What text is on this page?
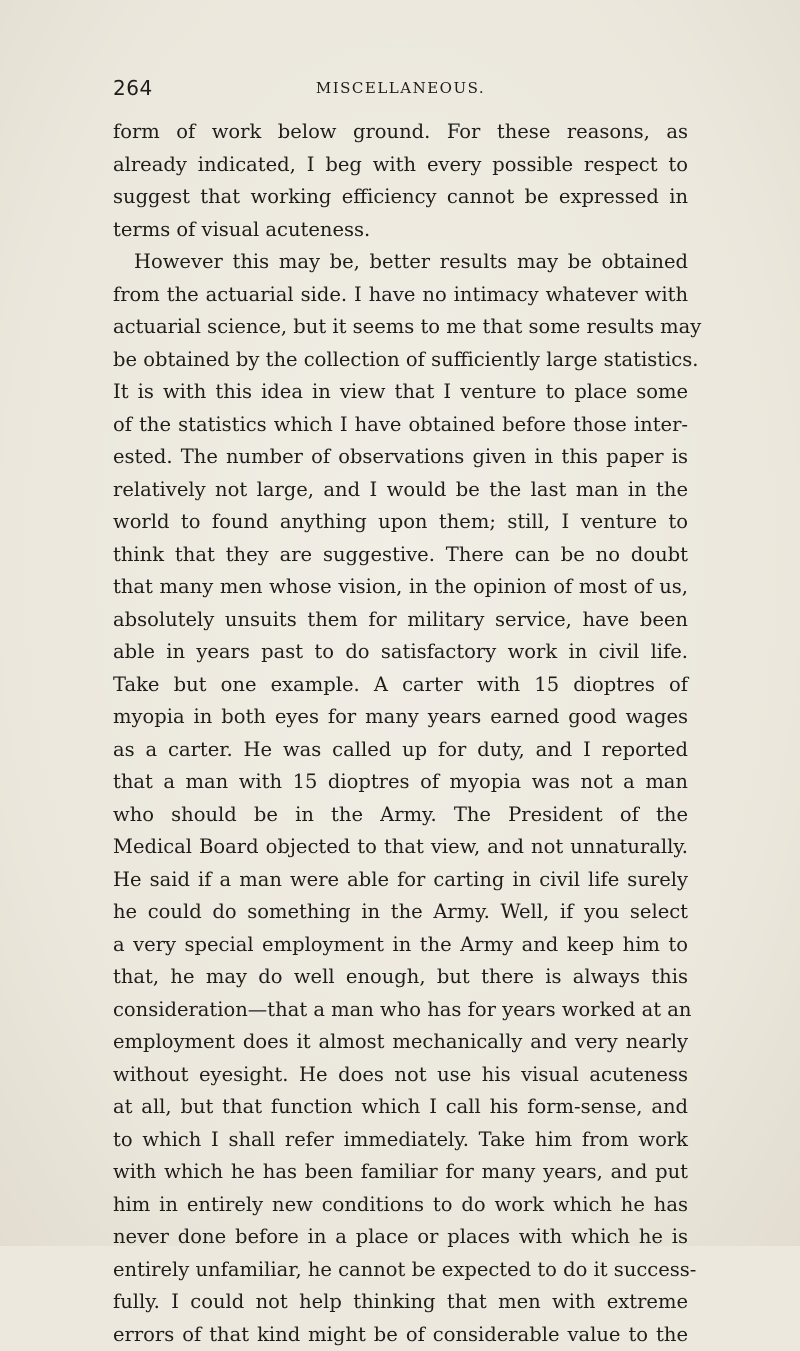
264	MISCELLANEOUS.
form of work below ground. For these reasons, as
already indicated, I beg with every possible respect to
suggest that working efficiency cannot be expressed in
terms of visual acuteness.
However this may be, better results may be obtained
from the actuarial side. I have no intimacy whatever with
actuarial science, but it seems to me that some results may
be obtained by the collection of sufficiently large statistics.
It is with this idea in view that I venture to place some
of the statistics which I have obtained before those inter-
ested. The number of observations given in this paper is
relatively not large, and I would be the last man in the
world to found anything upon them; still, I venture to
think that they are suggestive. There can be no doubt
that many men whose vision, in the opinion of most of us,
absolutely unsuits them for military service, have been
able in years past to do satisfactory work in civil life.
Take but one example. A carter with 15 dioptres of
myopia in both eyes for many years earned good wages
as a carter. He was called up for duty, and I reported
that a man with 15 dioptres of myopia was not a man
who should be in the Army. The President of the
Medical Board objected to that view, and not unnaturally.
He said if a man were able for carting in civil life surely
he could do something in the Army. Well, if you select
a very special employment in the Army and keep him to
that, he may do well enough, but there is always this
consideration—that a man who has for years worked at an
employment does it almost mechanically and very nearly
without eyesight. He does not use his visual acuteness
at all, but that function which I call his form-sense, and
to which I shall refer immediately. Take him from work
with which he has been familiar for many years, and put
him in entirely new conditions to do work which he has
never done before in a place or places with which he is
entirely unfamiliar, he cannot be expected to do it success-
fully. I could not help thinking that men with extreme
errors of that kind might be of considerable value to the
